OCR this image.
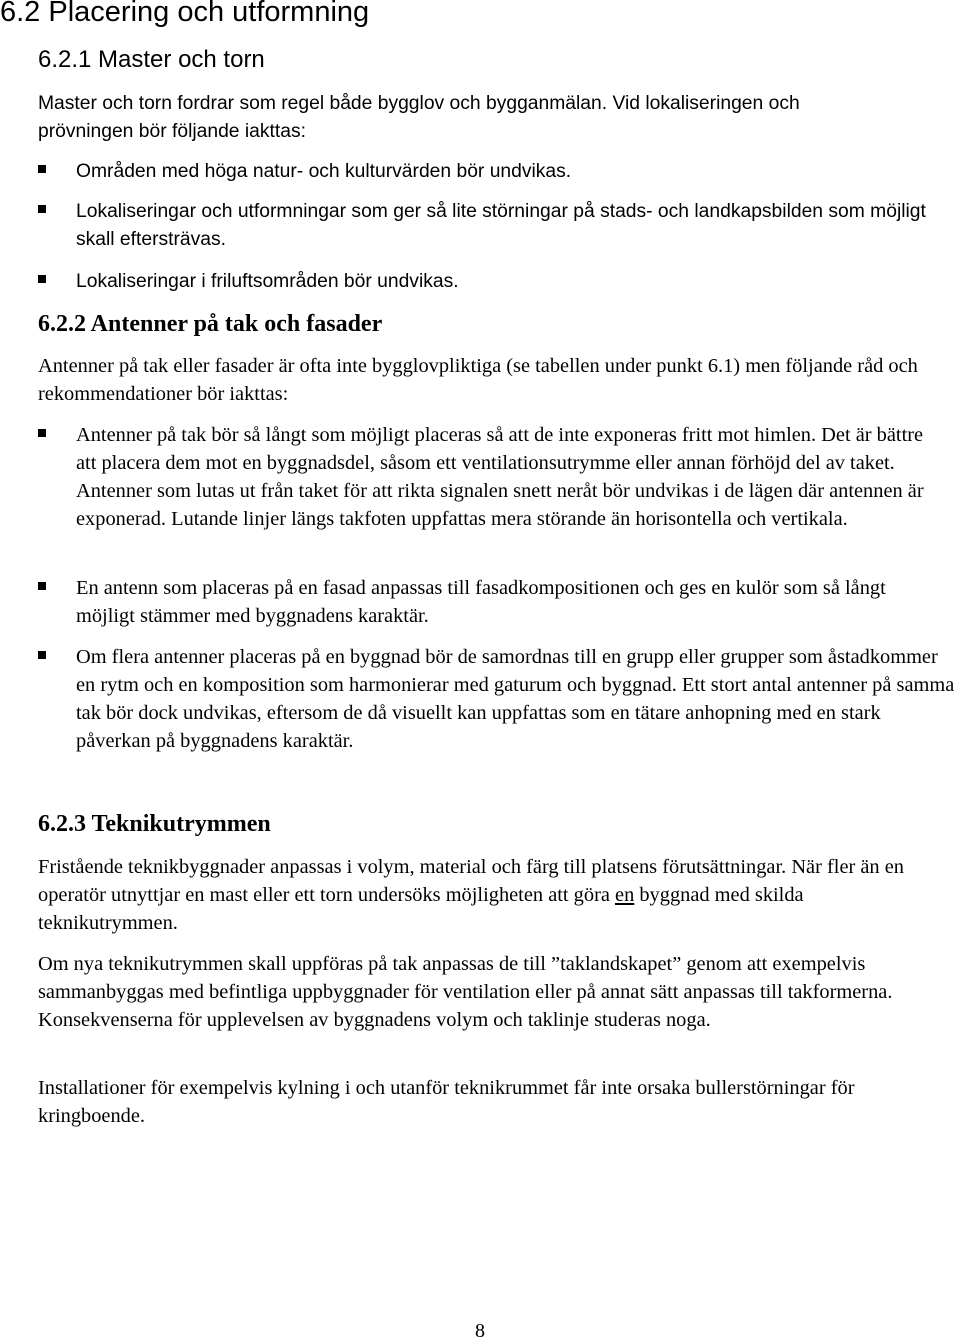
6.2 Placering och utformning
6.2.1 Master och torn

Master och torn fordrar som regel både bygglov och bygganmälan. Vid lokaliseringen och

prövningen bör följande iakttas:

Områden med höga natur- och kulturvärden bör undvikas.
Lokaliseringar och utformningar som ger så lite störningar på stads- och landkapsbilden som möjligt skall eftersträvas.
Lokaliseringar i friluftsområden bör undvikas.
6.2.2 Antenner på tak och fasader

Antenner på tak eller fasader är ofta inte bygglovpliktiga (se tabellen under punkt 6.1) men följande råd och rekommendationer bör iakttas:

Antenner på tak bör så långt som möjligt placeras så att de inte exponeras fritt mot himlen. Det är bättre att placera dem mot en byggnadsdel, såsom ett ventilationsutrymme eller annan förhöjd del av taket. Antenner som lutas ut från taket för att rikta signalen snett neråt bör undvikas i de lägen där antennen är exponerad. Lutande linjer längs takfoten uppfattas mera störande än horisontella och vertikala.
En antenn som placeras på en fasad anpassas till fasadkompositionen och ges en kulör som så långt möjligt stämmer med byggnadens karaktär.
Om flera antenner placeras på en byggnad bör de samordnas till en grupp eller grupper som åstadkommer en rytm och en komposition som harmonierar med gaturum och byggnad. Ett stort antal antenner på samma tak bör dock undvikas, eftersom de då visuellt kan uppfattas som en tätare anhopning med en stark påverkan på byggnadens karaktär.
6.2.3 Teknikutrymmen

Fristående teknikbyggnader anpassas i volym, material och färg till platsens förutsättningar. När fler än en operatör utnyttjar en mast eller ett torn undersöks möjligheten att göra en byggnad med skilda teknikutrymmen.

Om nya teknikutrymmen skall uppföras på tak anpassas de till ”taklandskapet” genom att exempelvis sammanbyggas med befintliga uppbyggnader för ventilation eller på annat sätt anpassas till takformerna. Konsekvenserna för upplevelsen av byggnadens volym och taklinje studeras noga.

Installationer för exempelvis kylning i och utanför teknikrummet får inte orsaka bullerstörningar för kringboende.

8
